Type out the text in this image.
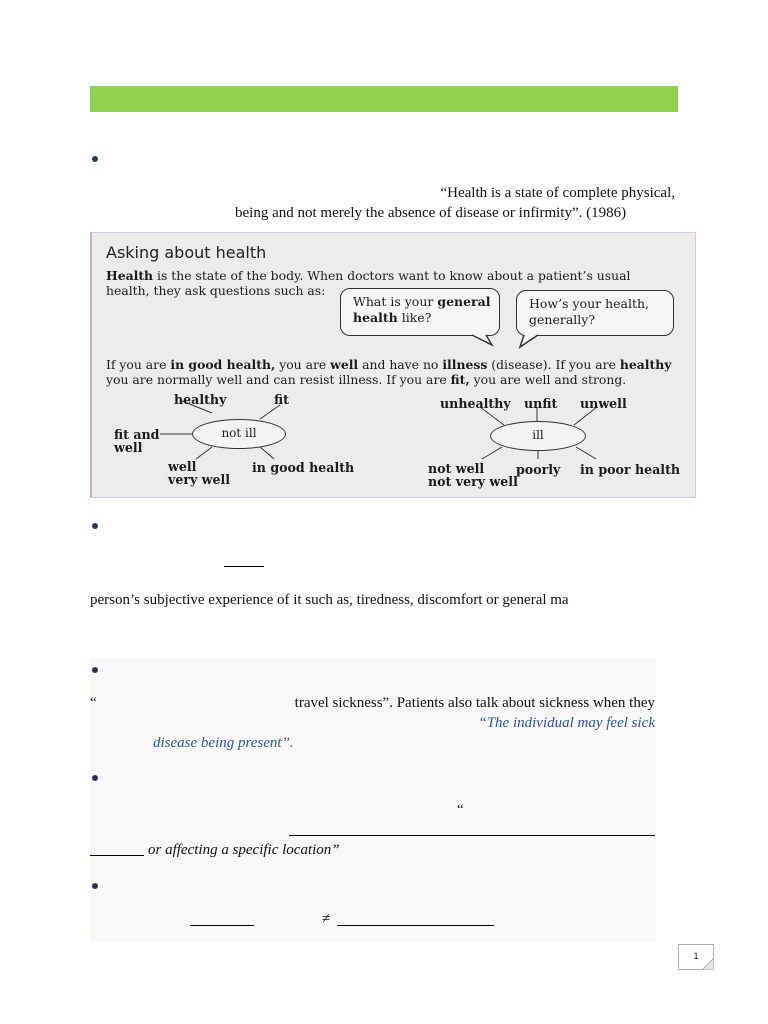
“Health is a state of complete physical,
being and not merely the absence of disease or infirmity”. (1986)
Asking about health
Health is the state of the body. When doctors want to know about a patient’s usual
health, they ask questions such as:
What is your general
health like?
How’s your health,
generally?
If you are in good health, you are well and have no illness (disease). If you are healthy
you are normally well and can resist illness. If you are fit, you are well and strong.
not ill
healthy	fit
fit and
well
well
very well
in good health
ill
unhealthy unfit unwell
not well
not very well
poorly in poor health
person’s subjective experience of it such as, tiredness, discomfort or general ma
“	travel sickness”. Patients also talk about sickness when they
“The individual may feel sick
disease being present”.
“
or affecting a specific location”
≠
1
